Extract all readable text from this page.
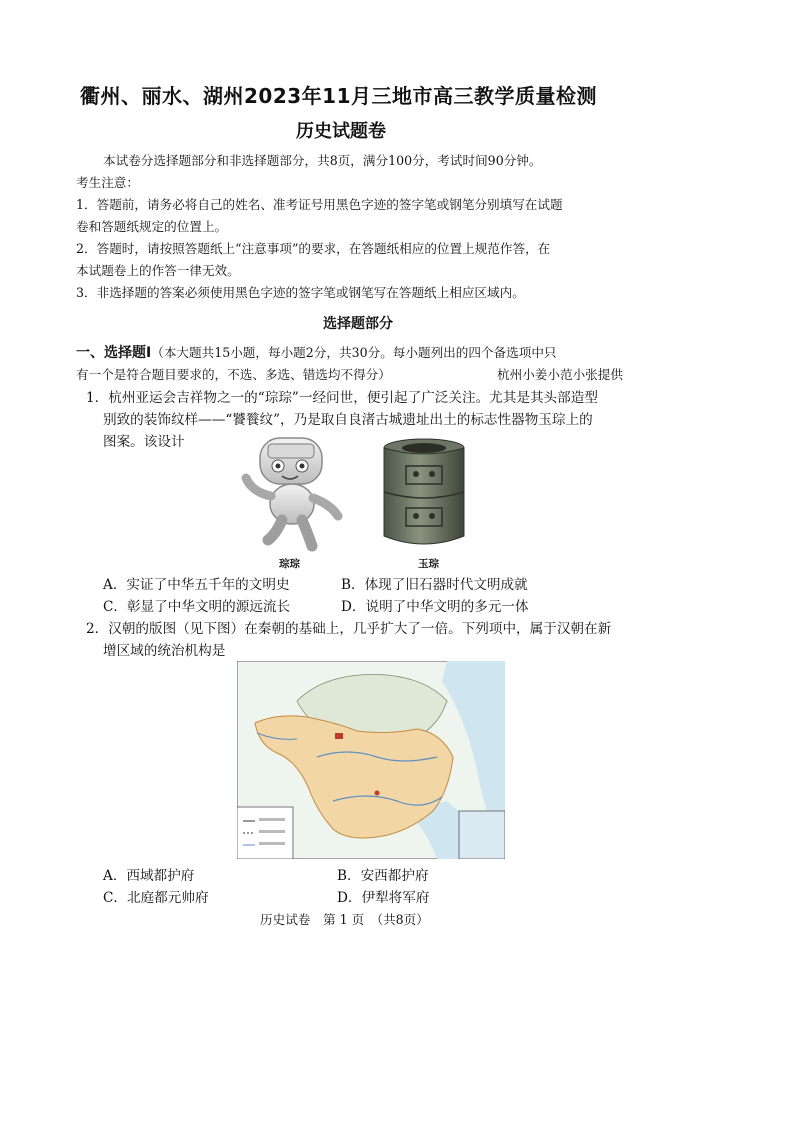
衢州、丽水、湖州2023年11月三地市高三教学质量检测
历史试题卷
本试卷分选择题部分和非选择题部分，共8页，满分100分，考试时间90分钟。
考生注意：
1．答题前，请务必将自己的姓名、准考证号用黑色字迹的签字笔或钢笔分别填写在试题
卷和答题纸规定的位置上。
2．答题时，请按照答题纸上“注意事项”的要求，在答题纸相应的位置上规范作答，在
本试题卷上的作答一律无效。
3．非选择题的答案必须使用黑色字迹的签字笔或钢笔写在答题纸上相应区域内。
选择题部分
一、选择题Ⅰ（本大题共15小题，每小题2分，共30分。每小题列出的四个备选项中只
有一个是符合题目要求的，不选、多选、错选均不得分）	杭州小姜小范小张提供
1．杭州亚运会吉祥物之一的“琮琮”一经问世，便引起了广泛关注。尤其是其头部造型
别致的装饰纹样——“饕餮纹”，乃是取自良渚古城遗址出土的标志性器物玉琮上的
图案。该设计
琮琮	玉琮
A．实证了中华五千年的文明史	B．体现了旧石器时代文明成就
C．彰显了中华文明的源远流长	D．说明了中华文明的多元一体
2．汉朝的版图（见下图）在秦朝的基础上，几乎扩大了一倍。下列项中，属于汉朝在新
增区域的统治机构是
A．西域都护府	B．安西都护府
C．北庭都元帅府	D．伊犁将军府
历史试卷　第 1 页　（共8页）
